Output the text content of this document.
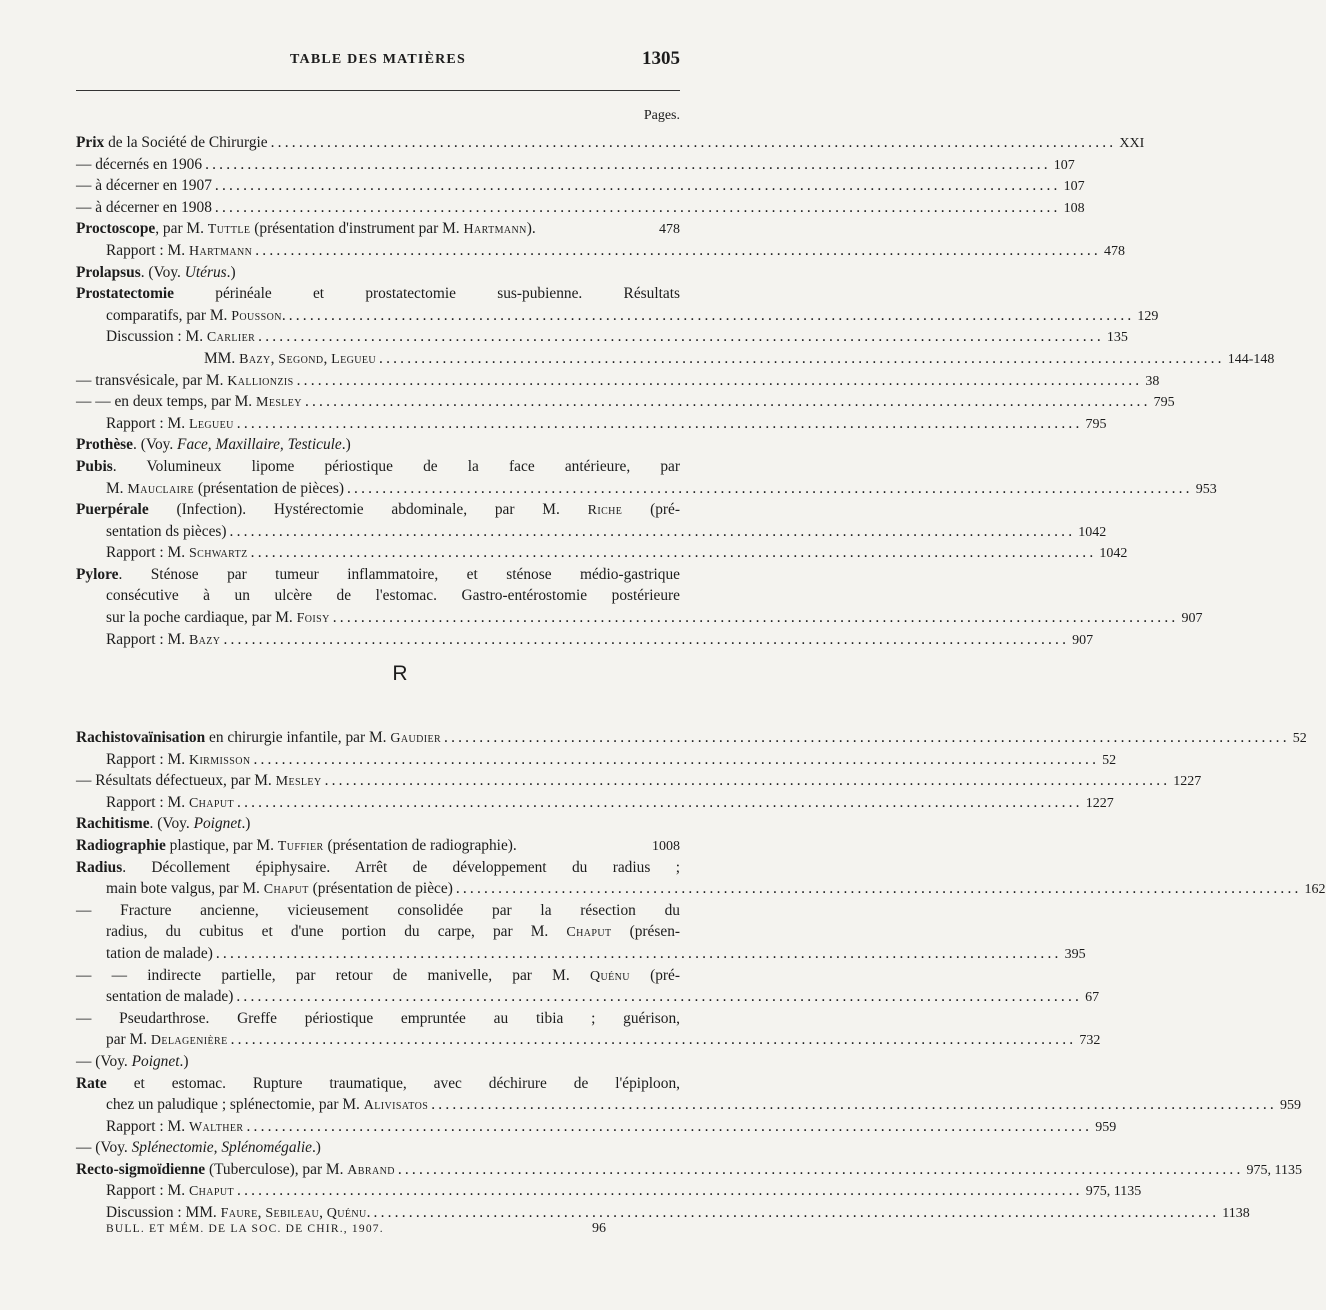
TABLE DES MATIÈRES	1305
Pages.
Prix de la Société de Chirurgie ........................................................................................................................ XXI
— décernés en 1906 ........................................................................................................................ 107
— à décerner en 1907 ........................................................................................................................ 107
— à décerner en 1908 ........................................................................................................................ 108
Proctoscope, par M. Tuttle (présentation d'instrument par M. Hartmann).	478
Rapport : M. Hartmann ........................................................................................................................ 478
Prolapsus. (Voy. Utérus.)
Prostatectomie périnéale et prostatectomie sus-pubienne. Résultats
comparatifs, par M. Pousson. ........................................................................................................................ 129
Discussion : M. Carlier ........................................................................................................................ 135
MM. Bazy, Segond, Legueu ........................................................................................................................ 144-148
— transvésicale, par M. Kallionzis ........................................................................................................................ 38
— — en deux temps, par M. Mesley ........................................................................................................................ 795
Rapport : M. Legueu ........................................................................................................................ 795
Prothèse. (Voy. Face, Maxillaire, Testicule.)
Pubis. Volumineux lipome périostique de la face antérieure, par
M. Mauclaire (présentation de pièces) ........................................................................................................................ 953
Puerpérale (Infection). Hystérectomie abdominale, par M. Riche (pré-
sentation ds pièces) ........................................................................................................................ 1042
Rapport : M. Schwartz ........................................................................................................................ 1042
Pylore. Sténose par tumeur inflammatoire, et sténose médio-gastrique
consécutive à un ulcère de l'estomac. Gastro-entérostomie postérieure
sur la poche cardiaque, par M. Foisy ........................................................................................................................ 907
Rapport : M. Bazy ........................................................................................................................ 907
R
Rachistovaïnisation en chirurgie infantile, par M. Gaudier ........................................................................................................................ 52
Rapport : M. Kirmisson ........................................................................................................................ 52
— Résultats défectueux, par M. Mesley ........................................................................................................................ 1227
Rapport : M. Chaput ........................................................................................................................ 1227
Rachitisme. (Voy. Poignet.)
Radiographie plastique, par M. Tuffier (présentation de radiographie).	1008
Radius. Décollement épiphysaire. Arrêt de développement du radius ;
main bote valgus, par M. Chaput (présentation de pièce) ........................................................................................................................ 162
— Fracture ancienne, vicieusement consolidée par la résection du
radius, du cubitus et d'une portion du carpe, par M. Chaput (présen-
tation de malade) ........................................................................................................................ 395
— — indirecte partielle, par retour de manivelle, par M. Quénu (pré-
sentation de malade) ........................................................................................................................ 67
— Pseudarthrose. Greffe périostique empruntée au tibia ; guérison,
par M. Delagenière ........................................................................................................................ 732
— (Voy. Poignet.)
Rate et estomac. Rupture traumatique, avec déchirure de l'épiploon,
chez un paludique ; splénectomie, par M. Alivisatos ........................................................................................................................ 959
Rapport : M. Walther ........................................................................................................................ 959
— (Voy. Splénectomie, Splénomégalie.)
Recto-sigmoïdienne (Tuberculose), par M. Abrand ........................................................................................................................ 975, 1135
Rapport : M. Chaput ........................................................................................................................ 975, 1135
Discussion : MM. Faure, Sebileau, Quénu. ........................................................................................................................ 1138
BULL. ET MÉM. DE LA SOC. DE CHIR., 1907.	96
